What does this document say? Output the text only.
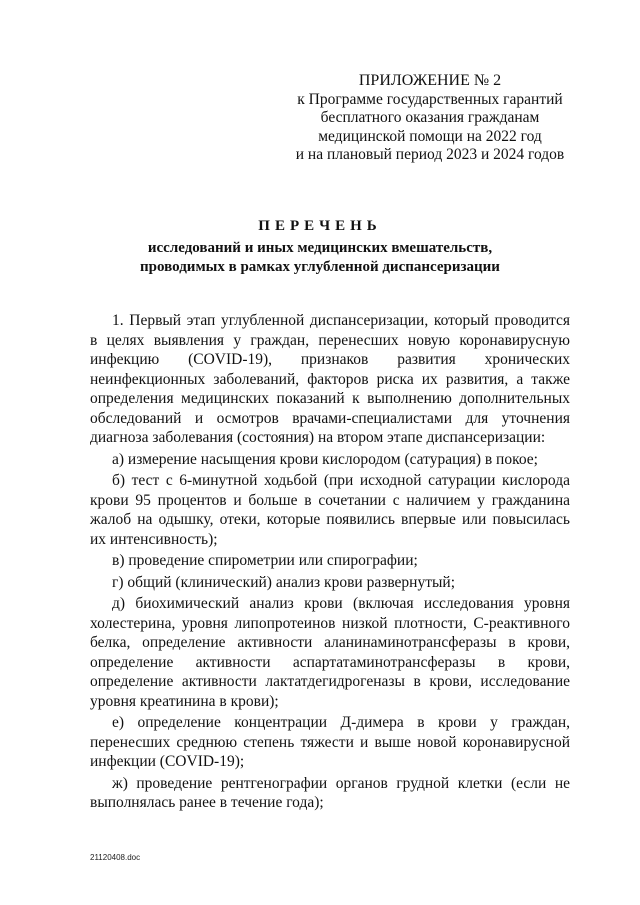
ПРИЛОЖЕНИЕ № 2
к Программе государственных гарантий
бесплатного оказания гражданам
медицинской помощи на 2022 год
и на плановый период 2023 и 2024 годов
ПЕРЕЧЕНЬ
исследований и иных медицинских вмешательств,
проводимых в рамках углубленной диспансеризации

1. Первый этап углубленной диспансеризации, который проводится в целях выявления у граждан, перенесших новую коронавирусную инфекцию (COVID-19), признаков развития хронических неинфекционных заболеваний, факторов риска их развития, а также определения медицинских показаний к выполнению дополнительных обследований и осмотров врачами-специалистами для уточнения диагноза заболевания (состояния) на втором этапе диспансеризации:

а) измерение насыщения крови кислородом (сатурация) в покое;

б) тест с 6-минутной ходьбой (при исходной сатурации кислорода крови 95 процентов и больше в сочетании с наличием у гражданина жалоб на одышку, отеки, которые появились впервые или повысилась их интенсивность);

в) проведение спирометрии или спирографии;

г) общий (клинический) анализ крови развернутый;

д) биохимический анализ крови (включая исследования уровня холестерина, уровня липопротеинов низкой плотности, С-реактивного белка, определение активности аланинаминотрансферазы в крови, определение активности аспартатаминотрансферазы в крови, определение активности лактатдегидрогеназы в крови, исследование уровня креатинина в крови);

е) определение концентрации Д-димера в крови у граждан, перенесших среднюю степень тяжести и выше новой коронавирусной инфекции (COVID-19);

ж) проведение рентгенографии органов грудной клетки (если не выполнялась ранее в течение года);

21120408.doc
